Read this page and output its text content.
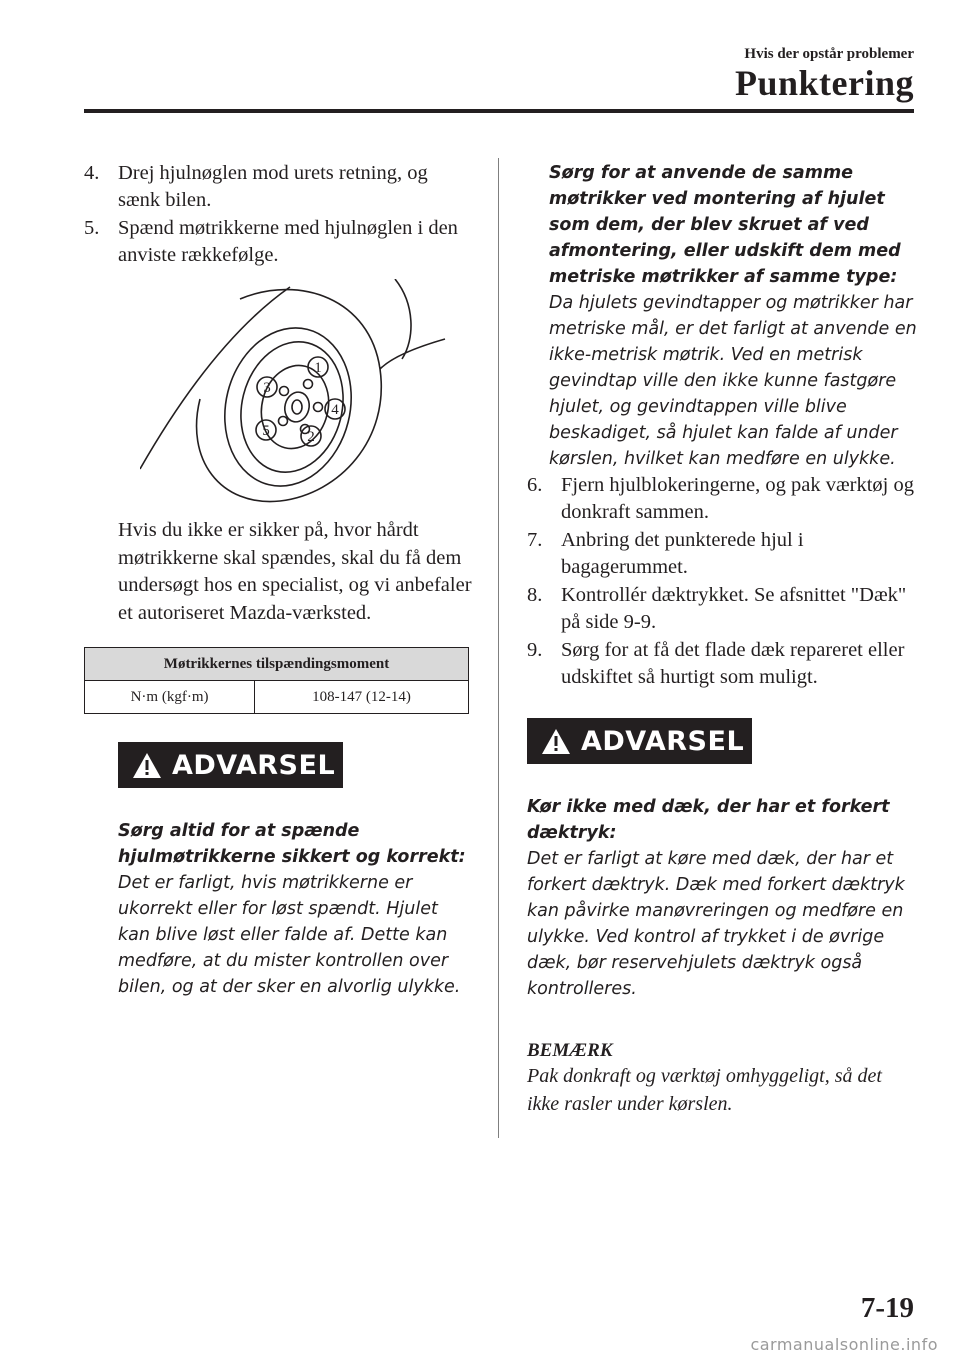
Hvis der opstår problemer
Punktering
4. Drej hjulnøglen mod urets retning, og sænk bilen.
5. Spænd møtrikkerne med hjulnøglen i den anviste rækkefølge.
1
2
3
4
5
Hvis du ikke er sikker på, hvor hårdt møtrikkerne skal spændes, skal du få dem undersøgt hos en specialist, og vi anbefaler et autoriseret Mazda-værksted.
Møtrikkernes tilspændingsmoment
N·m (kgf·m)	108-147 (12-14)
ADVARSEL
Sørg altid for at spænde hjulmøtrikkerne sikkert og korrekt:
Det er farligt, hvis møtrikkerne er ukorrekt eller for løst spændt. Hjulet kan blive løst eller falde af. Dette kan medføre, at du mister kontrollen over bilen, og at der sker en alvorlig ulykke.
Sørg for at anvende de samme møtrikker ved montering af hjulet som dem, der blev skruet af ved afmontering, eller udskift dem med metriske møtrikker af samme type:
Da hjulets gevindtapper og møtrikker har metriske mål, er det farligt at anvende en ikke-metrisk møtrik. Ved en metrisk gevindtap ville den ikke kunne fastgøre hjulet, og gevindtappen ville blive beskadiget, så hjulet kan falde af under kørslen, hvilket kan medføre en ulykke.
6. Fjern hjulblokeringerne, og pak værktøj og donkraft sammen.
7. Anbring det punkterede hjul i bagagerummet.
8. Kontrollér dæktrykket. Se afsnittet "Dæk" på side 9-9.
9. Sørg for at få det flade dæk repareret eller udskiftet så hurtigt som muligt.
ADVARSEL
Kør ikke med dæk, der har et forkert dæktryk:
Det er farligt at køre med dæk, der har et forkert dæktryk. Dæk med forkert dæktryk kan påvirke manøvreringen og medføre en ulykke. Ved kontrol af trykket i de øvrige dæk, bør reservehjulets dæktryk også kontrolleres.
BEMÆRK
Pak donkraft og værktøj omhyggeligt, så det ikke rasler under kørslen.
7-19
carmanualsonline.info
